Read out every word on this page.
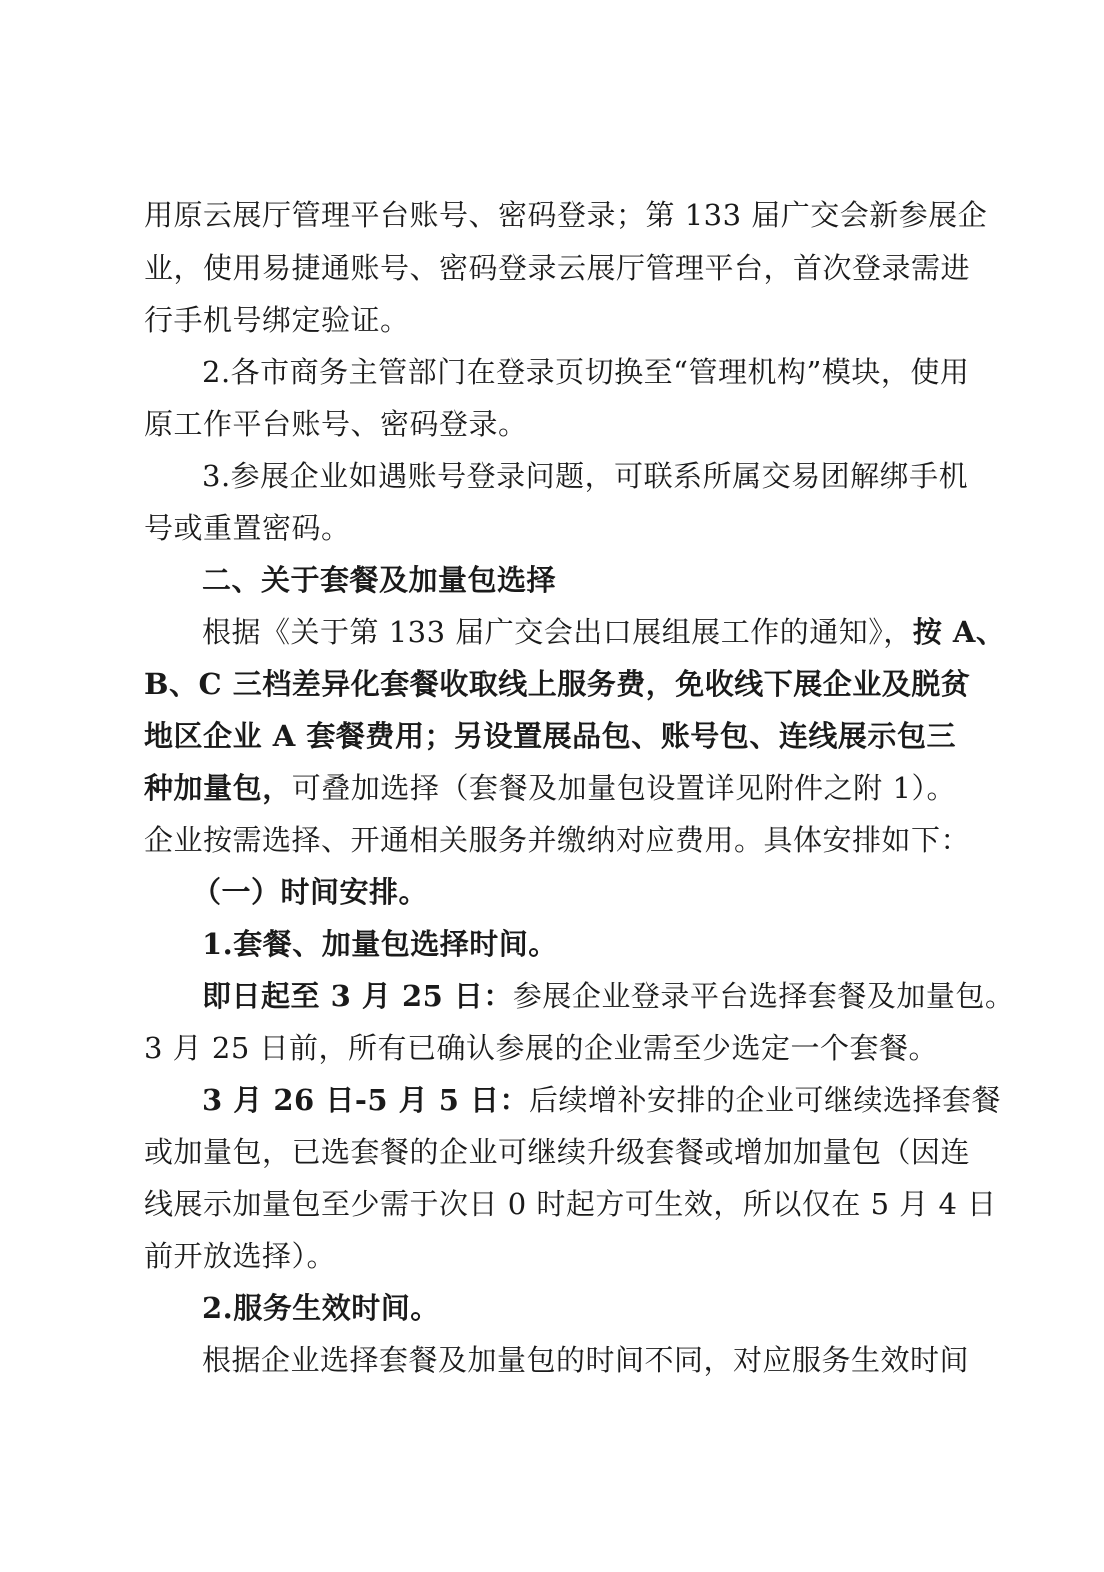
用原云展厅管理平台账号、密码登录；第 133 届广交会新参展企
业，使用易捷通账号、密码登录云展厅管理平台，首次登录需进
行手机号绑定验证。
2.各市商务主管部门在登录页切换至“管理机构”模块，使用
原工作平台账号、密码登录。
3.参展企业如遇账号登录问题，可联系所属交易团解绑手机
号或重置密码。
二、关于套餐及加量包选择
根据《关于第 133 届广交会出口展组展工作的通知》，按 A、
B、C 三档差异化套餐收取线上服务费，免收线下展企业及脱贫
地区企业 A 套餐费用；另设置展品包、账号包、连线展示包三
种加量包，可叠加选择（套餐及加量包设置详见附件之附 1）。
企业按需选择、开通相关服务并缴纳对应费用。具体安排如下：
（一）时间安排。
1.套餐、加量包选择时间。
即日起至 3 月 25 日：参展企业登录平台选择套餐及加量包。
3 月 25 日前，所有已确认参展的企业需至少选定一个套餐。
3 月 26 日-5 月 5 日：后续增补安排的企业可继续选择套餐
或加量包，已选套餐的企业可继续升级套餐或增加加量包（因连
线展示加量包至少需于次日 0 时起方可生效，所以仅在 5 月 4 日
前开放选择）。
2.服务生效时间。
根据企业选择套餐及加量包的时间不同，对应服务生效时间
